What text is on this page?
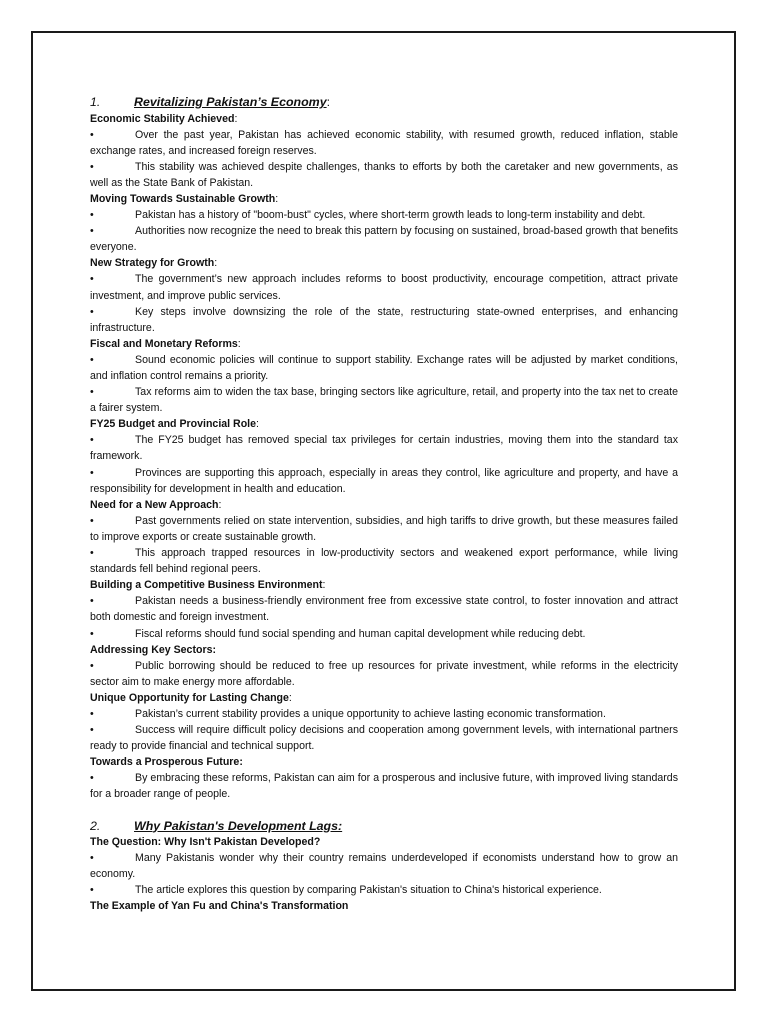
1.	Revitalizing Pakistan’s Economy:

Economic Stability Achieved:

•	Over the past year, Pakistan has achieved economic stability, with resumed growth, reduced inflation, stable exchange rates, and increased foreign reserves.

•	This stability was achieved despite challenges, thanks to efforts by both the caretaker and new governments, as well as the State Bank of Pakistan.

Moving Towards Sustainable Growth:

•	Pakistan has a history of "boom-bust" cycles, where short-term growth leads to long-term instability and debt.

•	Authorities now recognize the need to break this pattern by focusing on sustained, broad-based growth that benefits everyone.

New Strategy for Growth:

•	The government’s new approach includes reforms to boost productivity, encourage competition, attract private investment, and improve public services.

•	Key steps involve downsizing the role of the state, restructuring state-owned enterprises, and enhancing infrastructure.

Fiscal and Monetary Reforms:

•	Sound economic policies will continue to support stability. Exchange rates will be adjusted by market conditions, and inflation control remains a priority.

•	Tax reforms aim to widen the tax base, bringing sectors like agriculture, retail, and property into the tax net to create a fairer system.

FY25 Budget and Provincial Role:

•	The FY25 budget has removed special tax privileges for certain industries, moving them into the standard tax framework.

•	Provinces are supporting this approach, especially in areas they control, like agriculture and property, and have a responsibility for development in health and education.

Need for a New Approach:

•	Past governments relied on state intervention, subsidies, and high tariffs to drive growth, but these measures failed to improve exports or create sustainable growth.

•	This approach trapped resources in low-productivity sectors and weakened export performance, while living standards fell behind regional peers.

Building a Competitive Business Environment:

•	Pakistan needs a business-friendly environment free from excessive state control, to foster innovation and attract both domestic and foreign investment.

•	Fiscal reforms should fund social spending and human capital development while reducing debt.

Addressing Key Sectors:

•	Public borrowing should be reduced to free up resources for private investment, while reforms in the electricity sector aim to make energy more affordable.

Unique Opportunity for Lasting Change:

•	Pakistan’s current stability provides a unique opportunity to achieve lasting economic transformation.

•	Success will require difficult policy decisions and cooperation among government levels, with international partners ready to provide financial and technical support.

Towards a Prosperous Future:

•	By embracing these reforms, Pakistan can aim for a prosperous and inclusive future, with improved living standards for a broader range of people.

2.	Why Pakistan's Development Lags:

The Question: Why Isn't Pakistan Developed?

•	Many Pakistanis wonder why their country remains underdeveloped if economists understand how to grow an economy.

•	The article explores this question by comparing Pakistan's situation to China's historical experience.

The Example of Yan Fu and China's Transformation
